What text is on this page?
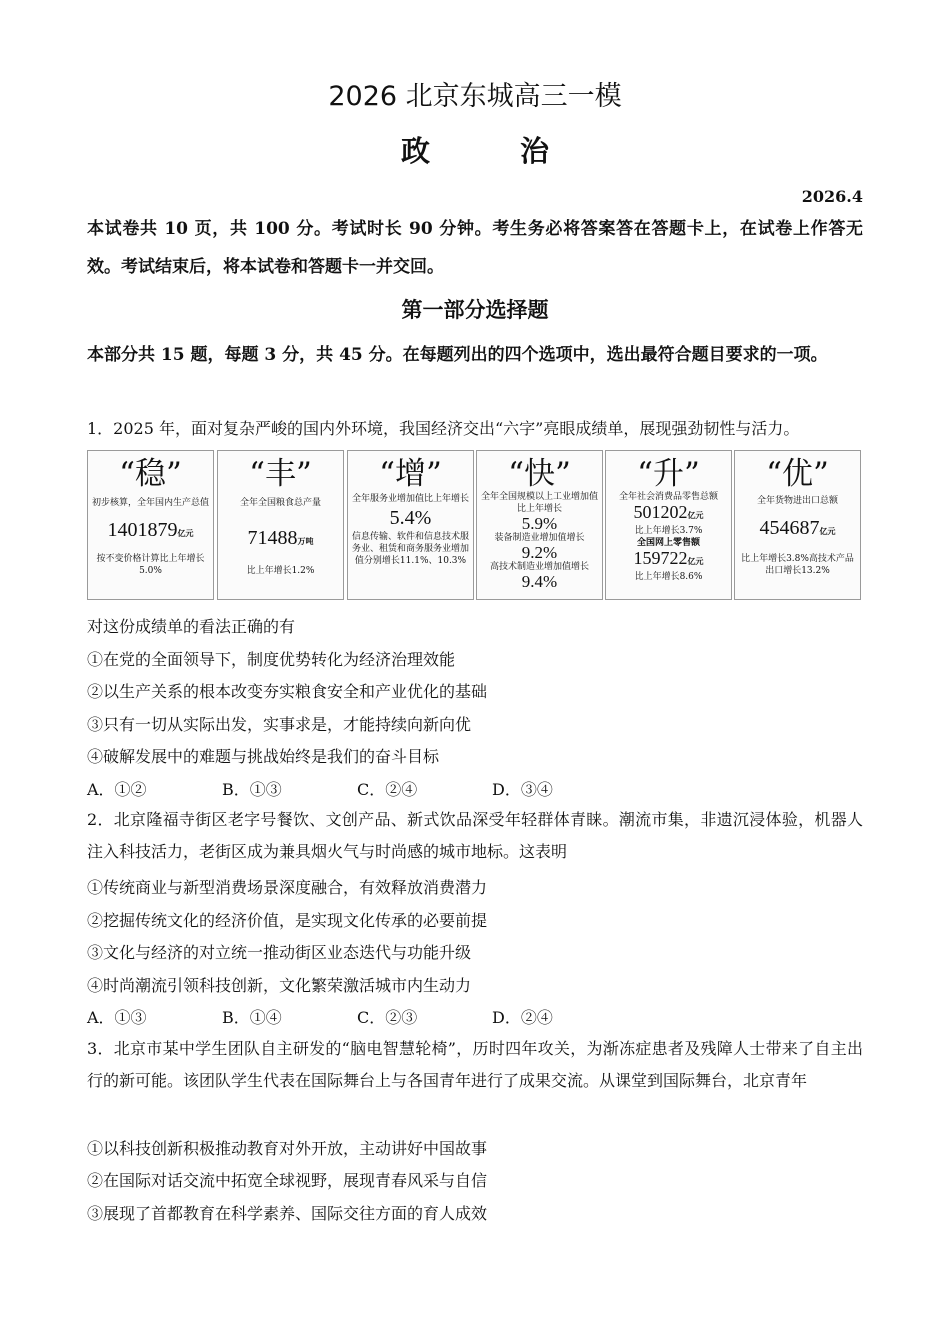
2026 北京东城高三一模
政 治
2026.4
本试卷共 10 页，共 100 分。考试时长 90 分钟。考生务必将答案答在答题卡上，在试卷上作答无效。考试结束后，将本试卷和答题卡一并交回。
第一部分选择题
本部分共 15 题，每题 3 分，共 45 分。在每题列出的四个选项中，选出最符合题目要求的一项。
1．2025 年，面对复杂严峻的国内外环境，我国经济交出“六字”亮眼成绩单，展现强劲韧性与活力。
“稳”
初步核算，全年国内生产总值
1401879亿元
按不变价格计算比上年增长5.0%
“丰”
全年全国粮食总产量
71488万吨
比上年增长1.2%
“增”
全年服务业增加值比上年增长
5.4%
信息传输、软件和信息技术服务业、租赁和商务服务业增加值分别增长11.1%、10.3%
“快”
全年全国规模以上工业增加值比上年增长
5.9%
装备制造业增加值增长
9.2%
高技术制造业增加值增长
9.4%
“升”
全年社会消费品零售总额
501202亿元
比上年增长3.7%
全国网上零售额
159722亿元
比上年增长8.6%
“优”
全年货物进出口总额
454687亿元
比上年增长3.8%高技术产品出口增长13.2%
对这份成绩单的看法正确的有
①在党的全面领导下，制度优势转化为经济治理效能
②以生产关系的根本改变夯实粮食安全和产业优化的基础
③只有一切从实际出发，实事求是，才能持续向新向优
④破解发展中的难题与挑战始终是我们的奋斗目标
A．①②	B．①③	C．②④	D．③④
2．北京隆福寺街区老字号餐饮、文创产品、新式饮品深受年轻群体青睐。潮流市集，非遗沉浸体验，机器人注入科技活力，老街区成为兼具烟火气与时尚感的城市地标。这表明
①传统商业与新型消费场景深度融合，有效释放消费潜力
②挖掘传统文化的经济价值，是实现文化传承的必要前提
③文化与经济的对立统一推动街区业态迭代与功能升级
④时尚潮流引领科技创新，文化繁荣激活城市内生动力
A．①③	B．①④	C．②③	D．②④
3．北京市某中学生团队自主研发的“脑电智慧轮椅”，历时四年攻关，为渐冻症患者及残障人士带来了自主出行的新可能。该团队学生代表在国际舞台上与各国青年进行了成果交流。从课堂到国际舞台，北京青年
①以科技创新积极推动教育对外开放，主动讲好中国故事
②在国际对话交流中拓宽全球视野，展现青春风采与自信
③展现了首都教育在科学素养、国际交往方面的育人成效
